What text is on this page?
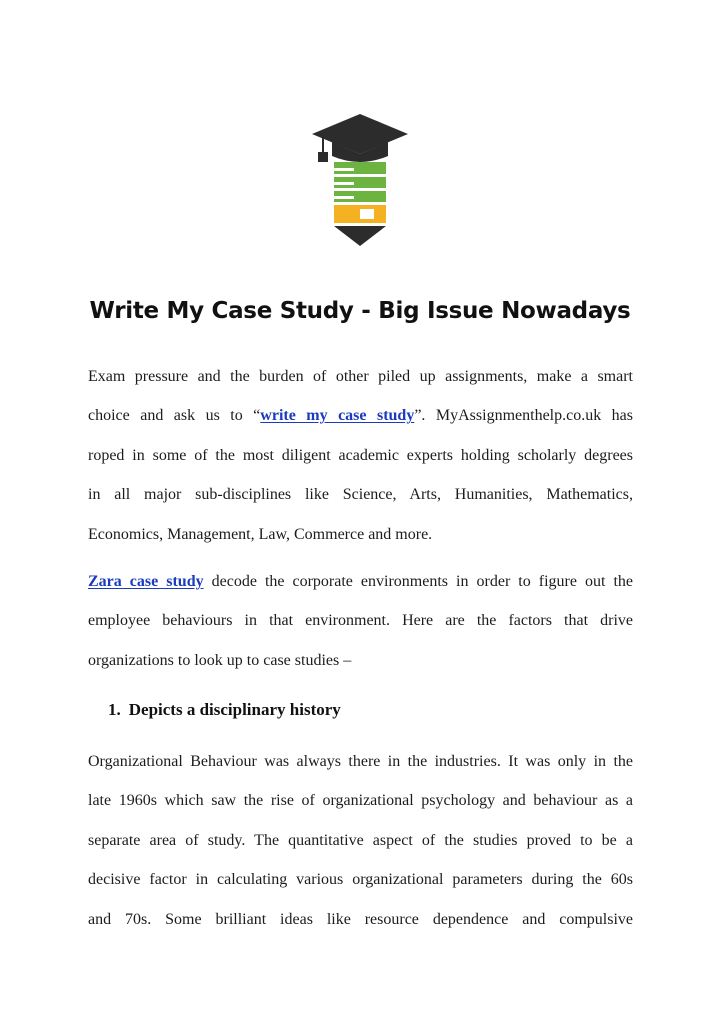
Write My Case Study - Big Issue Nowadays
Exam pressure and the burden of other piled up assignments, make a smart
choice and ask us to “write my case study”. MyAssignmenthelp.co.uk has
roped in some of the most diligent academic experts holding scholarly degrees
in all major sub-disciplines like Science, Arts, Humanities, Mathematics,
Economics, Management, Law, Commerce and more.
Zara case study decode the corporate environments in order to figure out the
employee behaviours in that environment. Here are the factors that drive
organizations to look up to case studies –
1. Depicts a disciplinary history
Organizational Behaviour was always there in the industries. It was only in the
late 1960s which saw the rise of organizational psychology and behaviour as a
separate area of study. The quantitative aspect of the studies proved to be a
decisive factor in calculating various organizational parameters during the 60s
and 70s. Some brilliant ideas like resource dependence and compulsive
